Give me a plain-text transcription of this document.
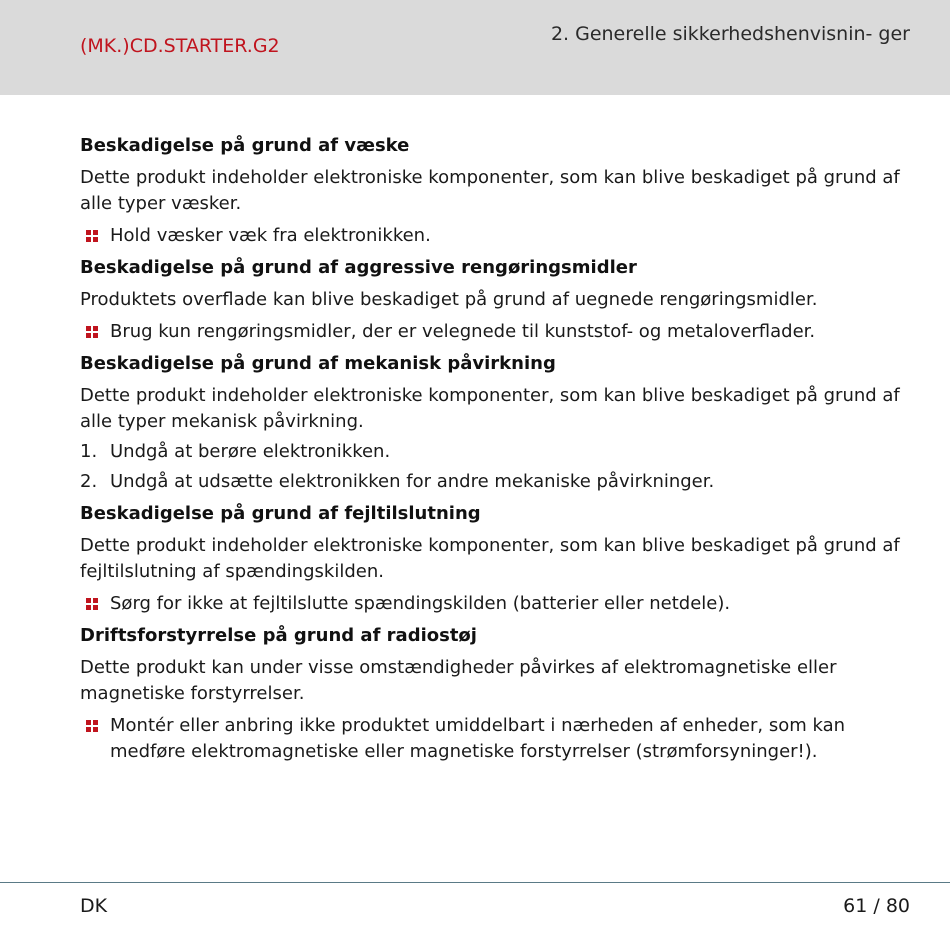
(MK.)CD.STARTER.G2
2. Generelle sikkerhedshenvisnin- ger
Beskadigelse på grund af væske

Dette produkt indeholder elektroniske komponenter, som kan blive beskadiget på grund af alle typer væsker.

Hold væsker væk fra elektronikken.
Beskadigelse på grund af aggressive rengøringsmidler

Produktets overflade kan blive beskadiget på grund af uegnede rengøringsmidler.

Brug kun rengøringsmidler, der er velegnede til kunststof- og metaloverflader.
Beskadigelse på grund af mekanisk påvirkning

Dette produkt indeholder elektroniske komponenter, som kan blive beskadiget på grund af alle typer mekanisk påvirkning.

1. Undgå at berøre elektronikken.
2. Undgå at udsætte elektronikken for andre mekaniske påvirkninger.
Beskadigelse på grund af fejltilslutning

Dette produkt indeholder elektroniske komponenter, som kan blive beskadiget på grund af fejltilslutning af spændingskilden.

Sørg for ikke at fejltilslutte spændingskilden (batterier eller netdele).
Driftsforstyrrelse på grund af radiostøj

Dette produkt kan under visse omstændigheder påvirkes af elektromagnetiske eller magnetiske forstyrrelser.

Montér eller anbring ikke produktet umiddelbart i nærheden af enheder, som kan medføre elektromagnetiske eller magnetiske forstyrrelser (strømforsyninger!).
DK	61 / 80
